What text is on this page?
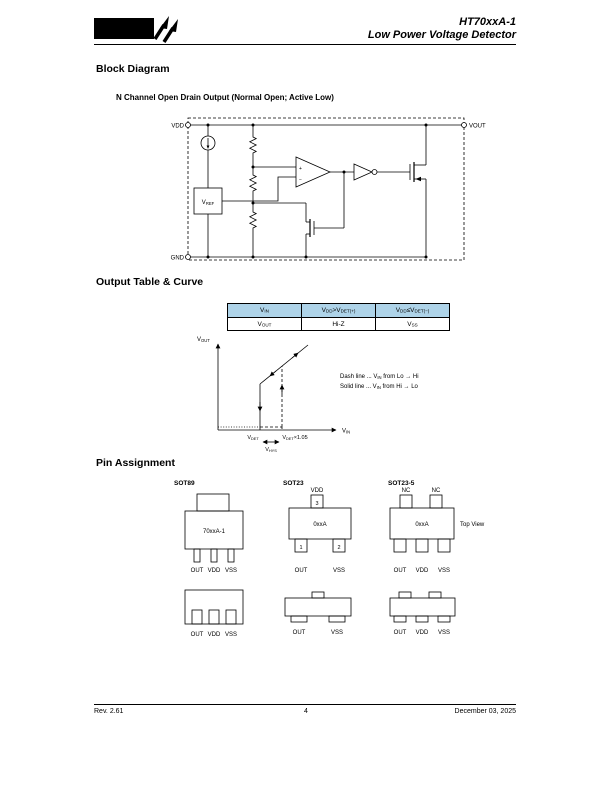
HOLTEK
HT70xxA-1
Low Power Voltage Detector
Block Diagram
N Channel Open Drain Output (Normal Open; Active Low)
VDD	VOUT
GND
VREF
+
−
Output Table & Curve
VIN	VDD>VDET(+)	VDD≤VDET(−)
VOUT	Hi-Z	VSS
VOUT
VIN
$V_{DET}$	$V_{DET}\times 1.05$
$V_{HYS}$
Dash line ... VIN from Lo → Hi
Solid line ... VIN from Hi → Lo
Pin Assignment
SOT89
70xxA-1
OUT VDD VSS
SOT23
VDD
3
0xxA
1	2
OUT	VSS
SOT23-5
NC	NC
0xxA	Top View
OUT VDD VSS
OUT VDD VSS	OUT	VSS	OUT VDD VSS
Rev. 2.61	4	December 03, 2025
